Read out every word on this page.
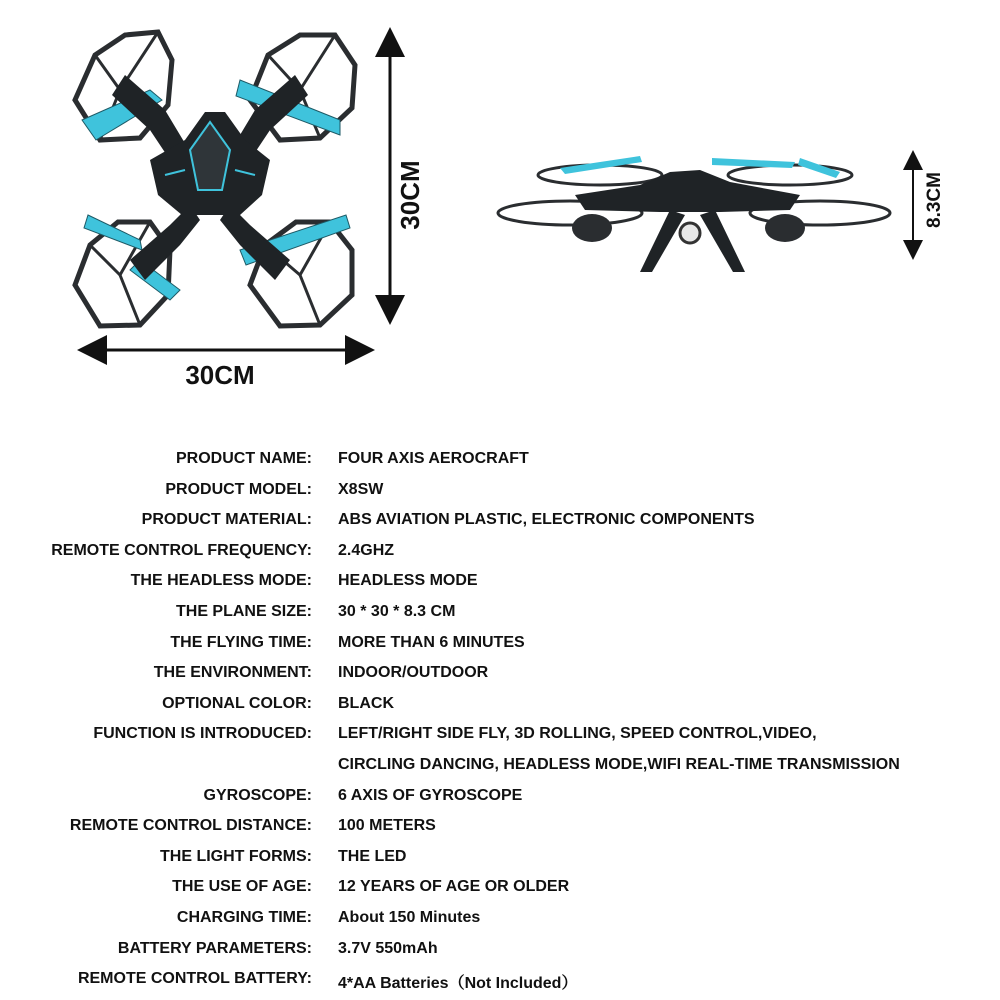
30CM
30CM	8.3CM
PRODUCT NAME: FOUR AXIS AEROCRAFT
PRODUCT MODEL: X8SW
PRODUCT MATERIAL: ABS AVIATION PLASTIC, ELECTRONIC COMPONENTS
REMOTE CONTROL FREQUENCY: 2.4GHZ
THE HEADLESS MODE: HEADLESS MODE
THE PLANE SIZE: 30 * 30 * 8.3 CM
THE FLYING TIME: MORE THAN 6 MINUTES
THE ENVIRONMENT: INDOOR/OUTDOOR
OPTIONAL COLOR: BLACK
FUNCTION IS INTRODUCED: LEFT/RIGHT SIDE FLY, 3D ROLLING, SPEED CONTROL,VIDEO,
CIRCLING DANCING, HEADLESS MODE,WIFI REAL-TIME TRANSMISSION
GYROSCOPE: 6 AXIS OF GYROSCOPE
REMOTE CONTROL DISTANCE: 100 METERS
THE LIGHT FORMS: THE LED
THE USE OF AGE: 12 YEARS OF AGE OR OLDER
CHARGING TIME: About 150 Minutes
BATTERY PARAMETERS: 3.7V 550mAh
REMOTE CONTROL BATTERY: 4*AA Batteries（Not Included）
